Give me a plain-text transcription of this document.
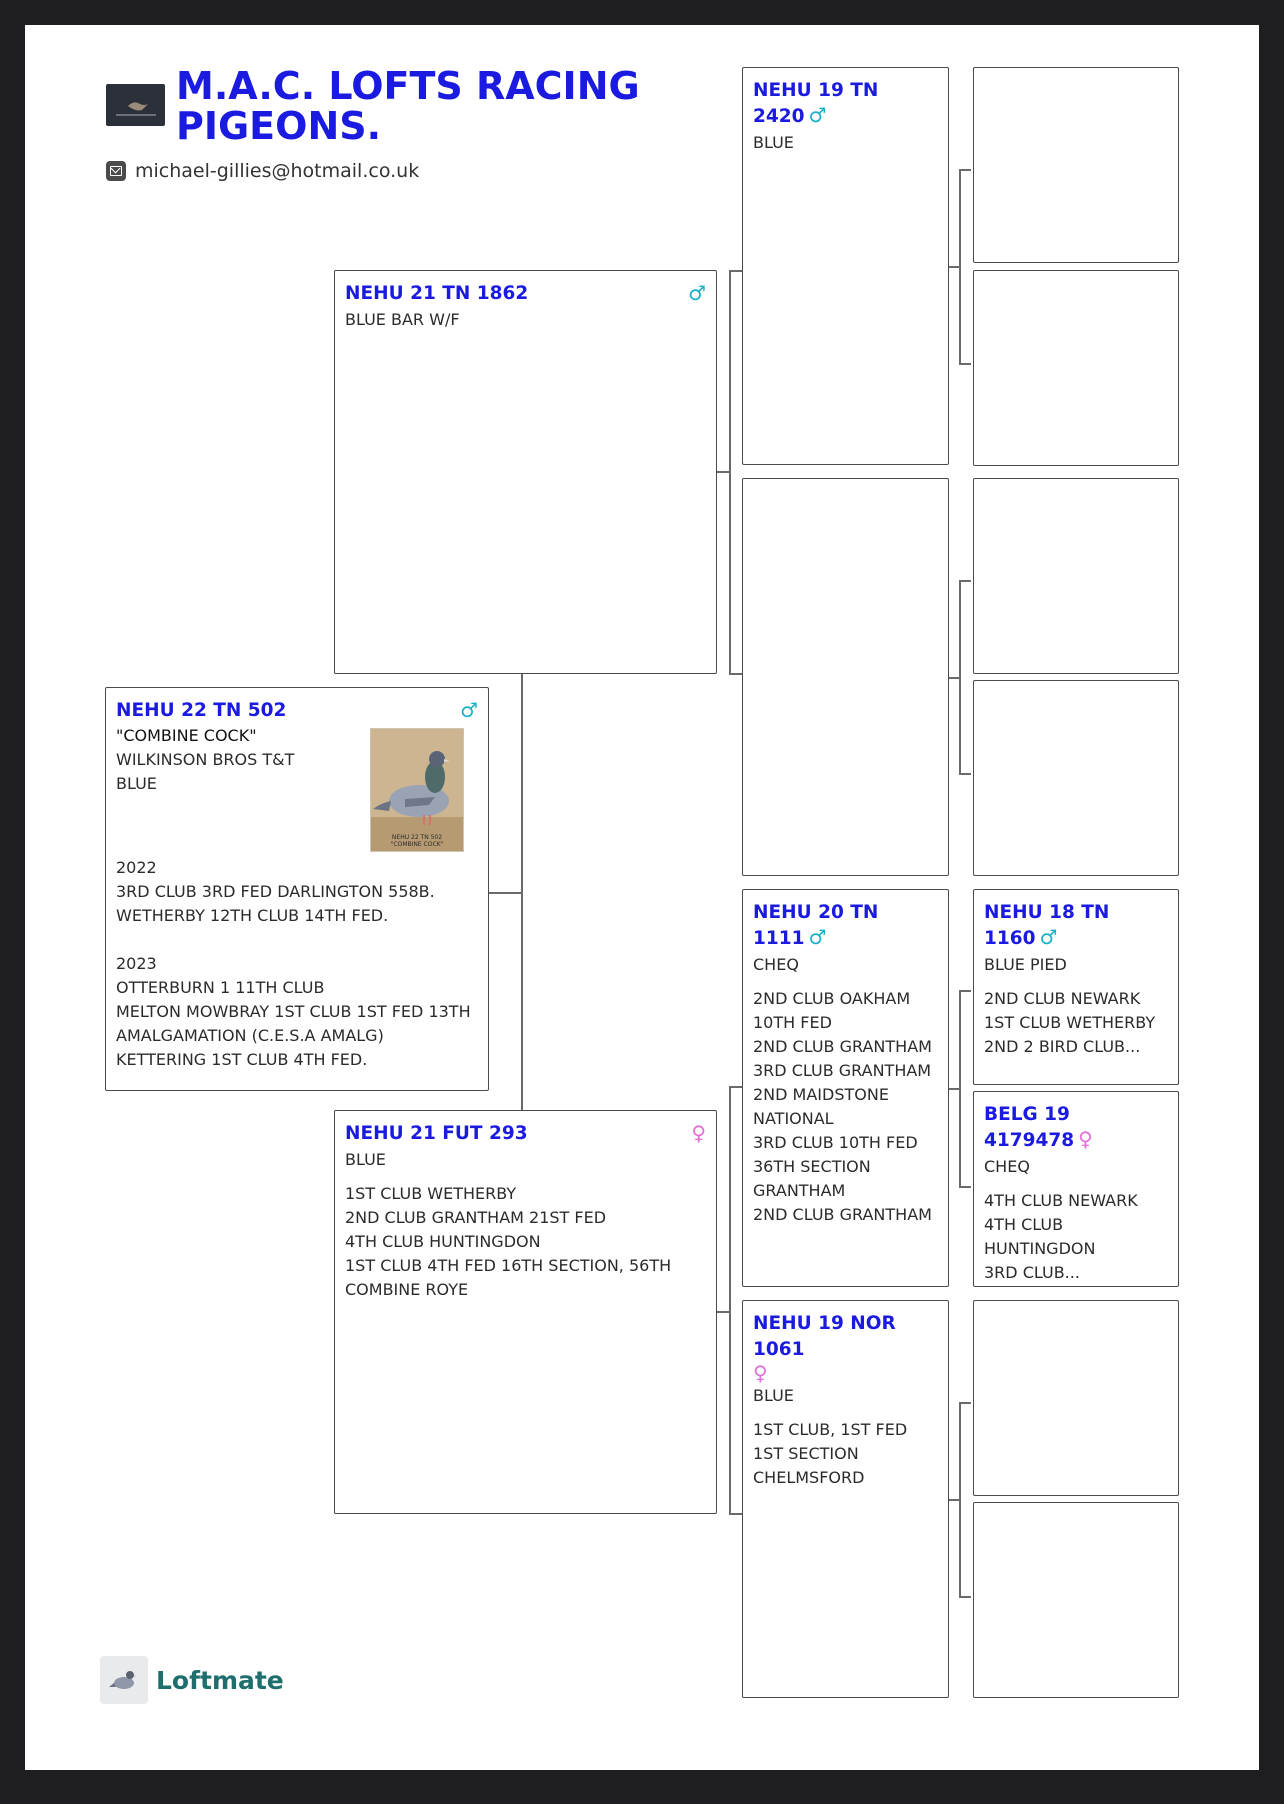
M.A.C. LOFTS RACING
PIGEONS.
michael-gillies@hotmail.co.uk
NEHU 22 TN 502	♂
"COMBINE COCK"
WILKINSON BROS T&T
BLUE
NEHU 22 TN 502
"COMBINE COCK"
2022
3RD CLUB 3RD FED DARLINGTON 558B.
WETHERBY 12TH CLUB 14TH FED.
2023
OTTERBURN 1 11TH CLUB
MELTON MOWBRAY 1ST CLUB 1ST FED 13TH
AMALGAMATION (C.E.S.A AMALG)
KETTERING 1ST CLUB 4TH FED.
NEHU 21 TN 1862	♂
BLUE BAR W/F
NEHU 21 FUT 293	♀
BLUE
1ST CLUB WETHERBY
2ND CLUB GRANTHAM 21ST FED
4TH CLUB HUNTINGDON
1ST CLUB 4TH FED 16TH SECTION, 56TH
COMBINE ROYE
NEHU 19 TN 2420 ♂
BLUE
NEHU 20 TN 1111 ♂
CHEQ
2ND CLUB OAKHAM
10TH FED
2ND CLUB GRANTHAM
3RD CLUB GRANTHAM
2ND MAIDSTONE
NATIONAL
3RD CLUB 10TH FED
36TH SECTION
GRANTHAM
2ND CLUB GRANTHAM
NEHU 19 NOR 1061
♀
BLUE
1ST CLUB, 1ST FED
1ST SECTION
CHELMSFORD
NEHU 18 TN 1160 ♂
BLUE PIED
2ND CLUB NEWARK
1ST CLUB WETHERBY
2ND 2 BIRD CLUB...
BELG 19 4179478 ♀
CHEQ
4TH CLUB NEWARK
4TH CLUB
HUNTINGDON
3RD CLUB...
Loftmate
